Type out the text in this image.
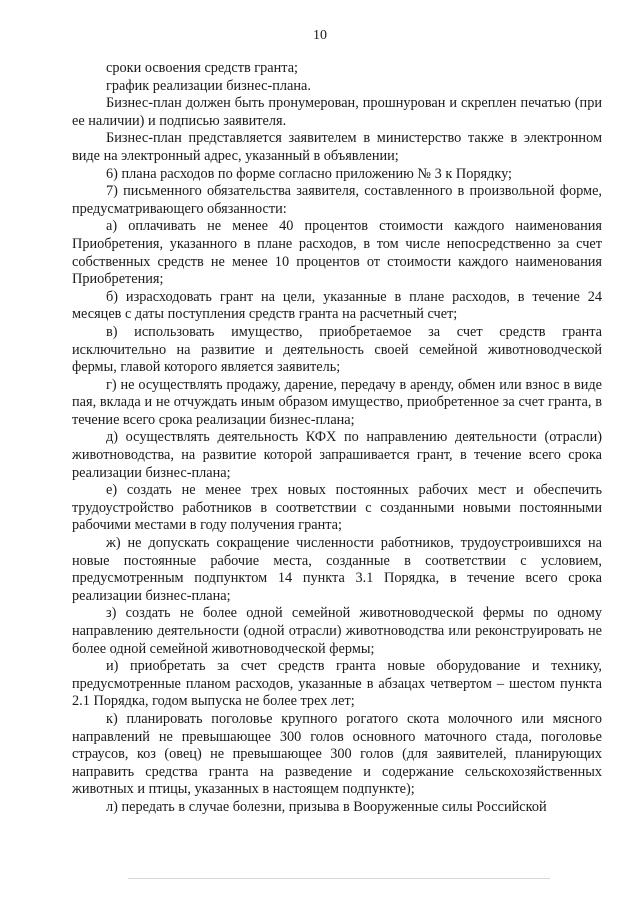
10

сроки освоения средств гранта;

график реализации бизнес-плана.

Бизнес-план должен быть пронумерован, прошнурован и скреплен печатью (при ее наличии) и подписью заявителя.

Бизнес-план представляется заявителем в министерство также в электронном виде на электронный адрес, указанный в объявлении;

6) плана расходов по форме согласно приложению № 3 к Порядку;

7) письменного обязательства заявителя, составленного в произвольной форме, предусматривающего обязанности:

а) оплачивать не менее 40 процентов стоимости каждого наименования Приобретения, указанного в плане расходов, в том числе непосредственно за счет собственных средств не менее 10 процентов от стоимости каждого наименования Приобретения;

б) израсходовать грант на цели, указанные в плане расходов, в течение 24 месяцев с даты поступления средств гранта на расчетный счет;

в) использовать имущество, приобретаемое за счет средств гранта исключительно на развитие и деятельность своей семейной животноводческой фермы, главой которого является заявитель;

г) не осуществлять продажу, дарение, передачу в аренду, обмен или взнос в виде пая, вклада и не отчуждать иным образом имущество, приобретенное за счет гранта, в течение всего срока реализации бизнес-плана;

д) осуществлять деятельность КФХ по направлению деятельности (отрасли) животноводства, на развитие которой запрашивается грант, в течение всего срока реализации бизнес-плана;

е) создать не менее трех новых постоянных рабочих мест и обеспечить трудоустройство работников в соответствии с созданными новыми постоянными рабочими местами в году получения гранта;

ж) не допускать сокращение численности работников, трудоустроившихся на новые постоянные рабочие места, созданные в соответствии с условием, предусмотренным подпунктом 14 пункта 3.1 Порядка, в течение всего срока реализации бизнес-плана;

з) создать не более одной семейной животноводческой фермы по одному направлению деятельности (одной отрасли) животноводства или реконструировать не более одной семейной животноводческой фермы;

и) приобретать за счет средств гранта новые оборудование и технику, предусмотренные планом расходов, указанные в абзацах четвертом – шестом пункта 2.1 Порядка, годом выпуска не более трех лет;

к) планировать поголовье крупного рогатого скота молочного или мясного направлений не превышающее 300 голов основного маточного стада, поголовье страусов, коз (овец) не превышающее 300 голов (для заявителей, планирующих направить средства гранта на разведение и содержание сельскохозяйственных животных и птицы, указанных в настоящем подпункте);

л) передать в случае болезни, призыва в Вооруженные силы Российской
